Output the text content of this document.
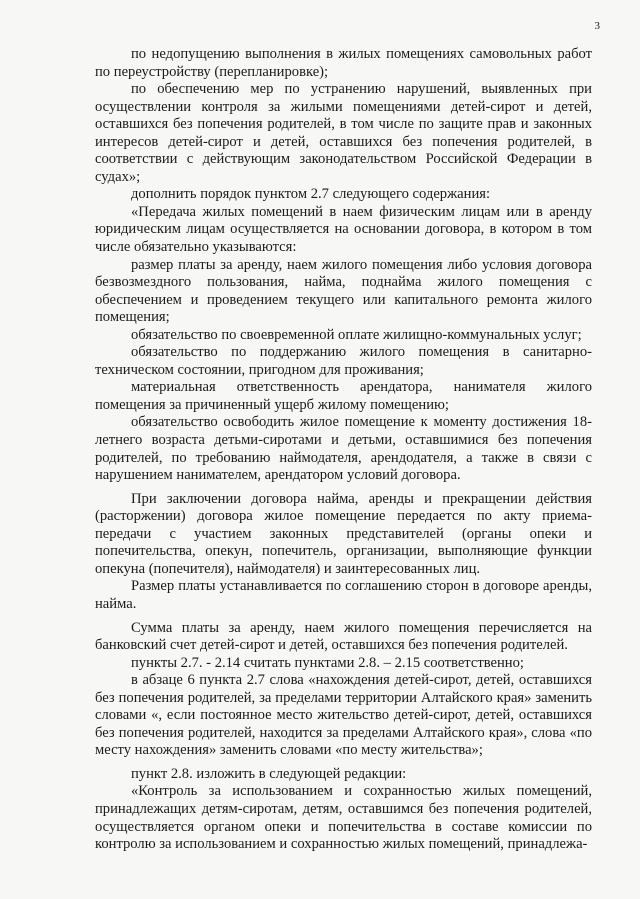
3

по недопущению выполнения в жилых помещениях самовольных работ по переустройству (перепланировке);

по обеспечению мер по устранению нарушений, выявленных при осуществлении контроля за жилыми помещениями детей-сирот и детей, оставшихся без попечения родителей, в том числе по защите прав и законных интересов детей-сирот и детей, оставшихся без попечения родителей, в соответствии с действующим законодательством Российской Федерации в судах»;

дополнить порядок пунктом 2.7 следующего содержания:

«Передача жилых помещений в наем физическим лицам или в аренду юридическим лицам осуществляется на основании договора, в котором в том числе обязательно указываются:

размер платы за аренду, наем жилого помещения либо условия договора безвозмездного пользования, найма, поднайма жилого помещения с обеспечением и проведением текущего или капитального ремонта жилого помещения;

обязательство по своевременной оплате жилищно-коммунальных услуг;

обязательство по поддержанию жилого помещения в санитарно-техническом состоянии, пригодном для проживания;

материальная ответственность арендатора, нанимателя жилого помещения за причиненный ущерб жилому помещению;

обязательство освободить жилое помещение к моменту достижения 18-летнего возраста детьми-сиротами и детьми, оставшимися без попечения родителей, по требованию наймодателя, арендодателя, а также в связи с нарушением нанимателем, арендатором условий договора.

При заключении договора найма, аренды и прекращении действия (расторжении) договора жилое помещение передается по акту приема-передачи с участием законных представителей (органы опеки и попечительства, опекун, попечитель, организации, выполняющие функции опекуна (попечителя), наймодателя) и заинтересованных лиц.

Размер платы устанавливается по соглашению сторон в договоре аренды, найма.

Сумма платы за аренду, наем жилого помещения перечисляется на банковский счет детей-сирот и детей, оставшихся без попечения родителей.

пункты 2.7. - 2.14 считать пунктами 2.8. – 2.15 соответственно;

в абзаце 6 пункта 2.7 слова «нахождения детей-сирот, детей, оставшихся без попечения родителей, за пределами территории Алтайского края» заменить словами «, если постоянное место жительство детей-сирот, детей, оставшихся без попечения родителей, находится за пределами Алтайского края», слова «по месту нахождения» заменить словами «по месту жительства»;

пункт 2.8. изложить в следующей редакции:

«Контроль за использованием и сохранностью жилых помещений, принадлежащих детям-сиротам, детям, оставшимся без попечения родителей, осуществляется органом опеки и попечительства в составе комиссии по контролю за использованием и сохранностью жилых помещений, принадлежа-
